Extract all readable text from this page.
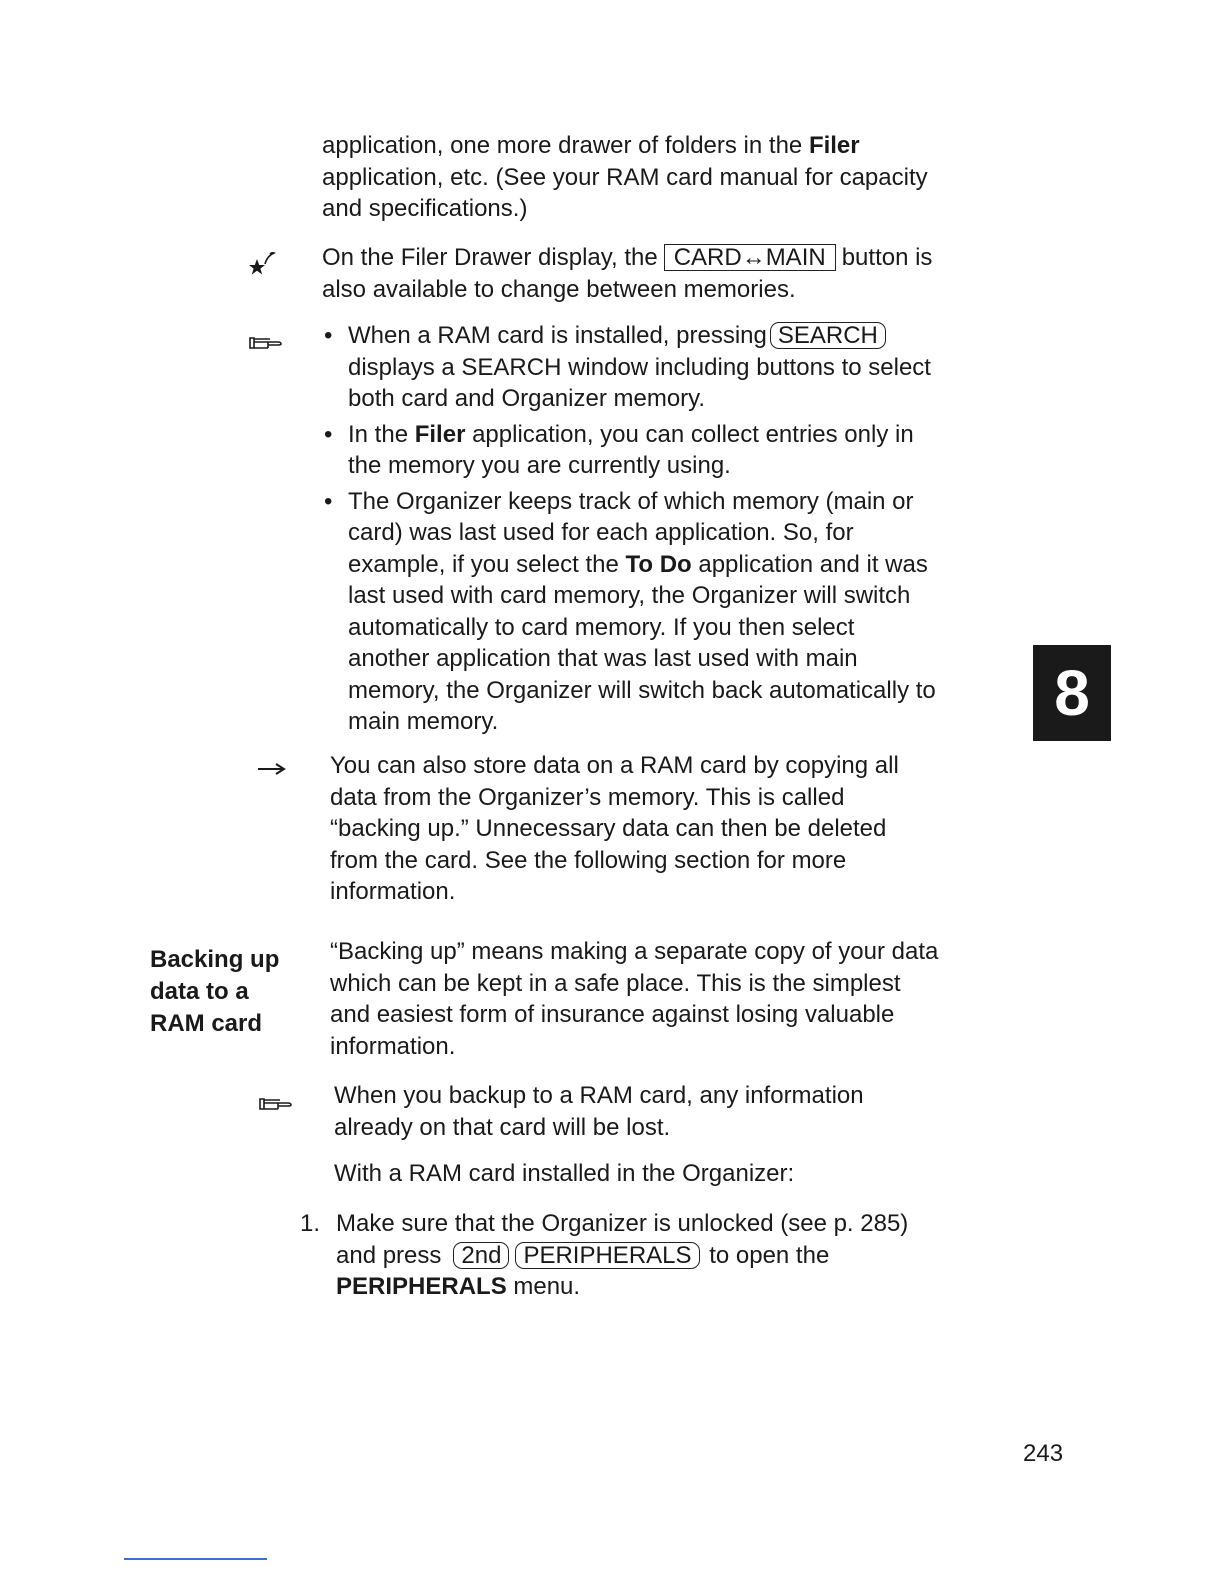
application, one more drawer of folders in the Filer
application, etc. (See your RAM card manual for capacity
and specifications.)
On the Filer Drawer display, the CARD↔MAIN button is
also available to change between memories.
• When a RAM card is installed, pressing SEARCH
displays a SEARCH window including buttons to select
both card and Organizer memory.
• In the Filer application, you can collect entries only in
the memory you are currently using.
• The Organizer keeps track of which memory (main or
card) was last used for each application. So, for
example, if you select the To Do application and it was
last used with card memory, the Organizer will switch
automatically to card memory. If you then select
another application that was last used with main
memory, the Organizer will switch back automatically to
main memory.
You can also store data on a RAM card by copying all
data from the Organizer’s memory. This is called
“backing up.” Unnecessary data can then be deleted
from the card. See the following section for more
information.
Backing up
data to a
RAM card
“Backing up” means making a separate copy of your data
which can be kept in a safe place. This is the simplest
and easiest form of insurance against losing valuable
information.
When you backup to a RAM card, any information
already on that card will be lost.
With a RAM card installed in the Organizer:
1. Make sure that the Organizer is unlocked (see p. 285)
and press 2nd PERIPHERALS to open the
PERIPHERALS menu.
8
243
